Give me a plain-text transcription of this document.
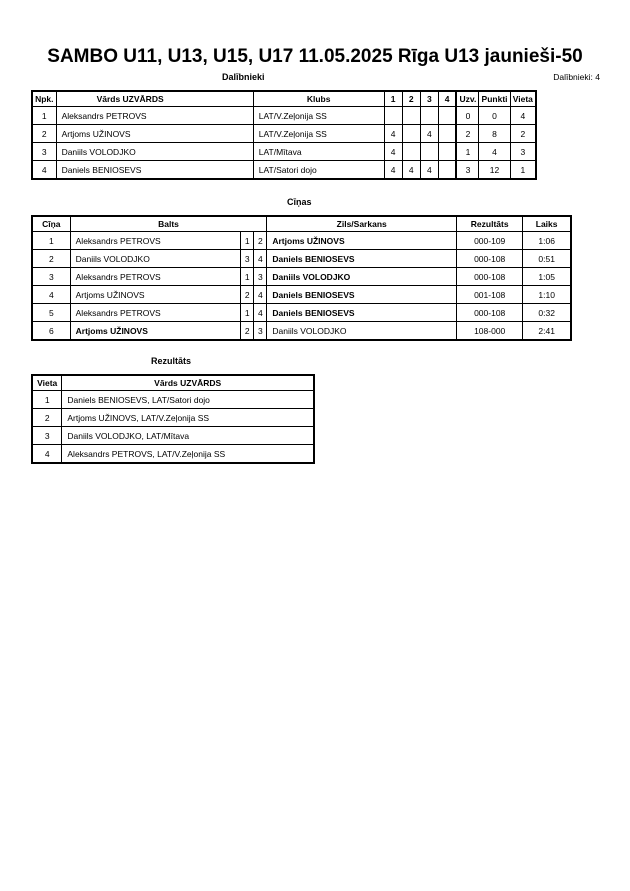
SAMBO U11, U13, U15, U17 11.05.2025 Rīga U13 jaunieši-50
Dalībnieki	Dalībnieki: 4
Npk.	Vārds UZVĀRDS	Klubs	1	2	3	4	Uzv.	Punkti	Vieta
1	Aleksandrs PETROVS	LAT/V.Zeļonija SS					0	0	4
2	Artjoms UŽINOVS	LAT/V.Zeļonija SS	4		4		2	8	2
3	Daniils VOLODJKO	LAT/Mītava	4				1	4	3
4	Daniels BENIOSEVS	LAT/Satori dojo	4	4	4		3	12	1
Cīņas
Cīņa	Balts			Zils/Sarkans	Rezultāts	Laiks
1	Aleksandrs PETROVS	1	2	Artjoms UŽINOVS	000-109	1:06
2	Daniils VOLODJKO	3	4	Daniels BENIOSEVS	000-108	0:51
3	Aleksandrs PETROVS	1	3	Daniils VOLODJKO	000-108	1:05
4	Artjoms UŽINOVS	2	4	Daniels BENIOSEVS	001-108	1:10
5	Aleksandrs PETROVS	1	4	Daniels BENIOSEVS	000-108	0:32
6	Artjoms UŽINOVS	2	3	Daniils VOLODJKO	108-000	2:41
Rezultāts
Vieta	Vārds UZVĀRDS
1	Daniels BENIOSEVS, LAT/Satori dojo
2	Artjoms UŽINOVS, LAT/V.Zeļonija SS
3	Daniils VOLODJKO, LAT/Mītava
4	Aleksandrs PETROVS, LAT/V.Zeļonija SS
